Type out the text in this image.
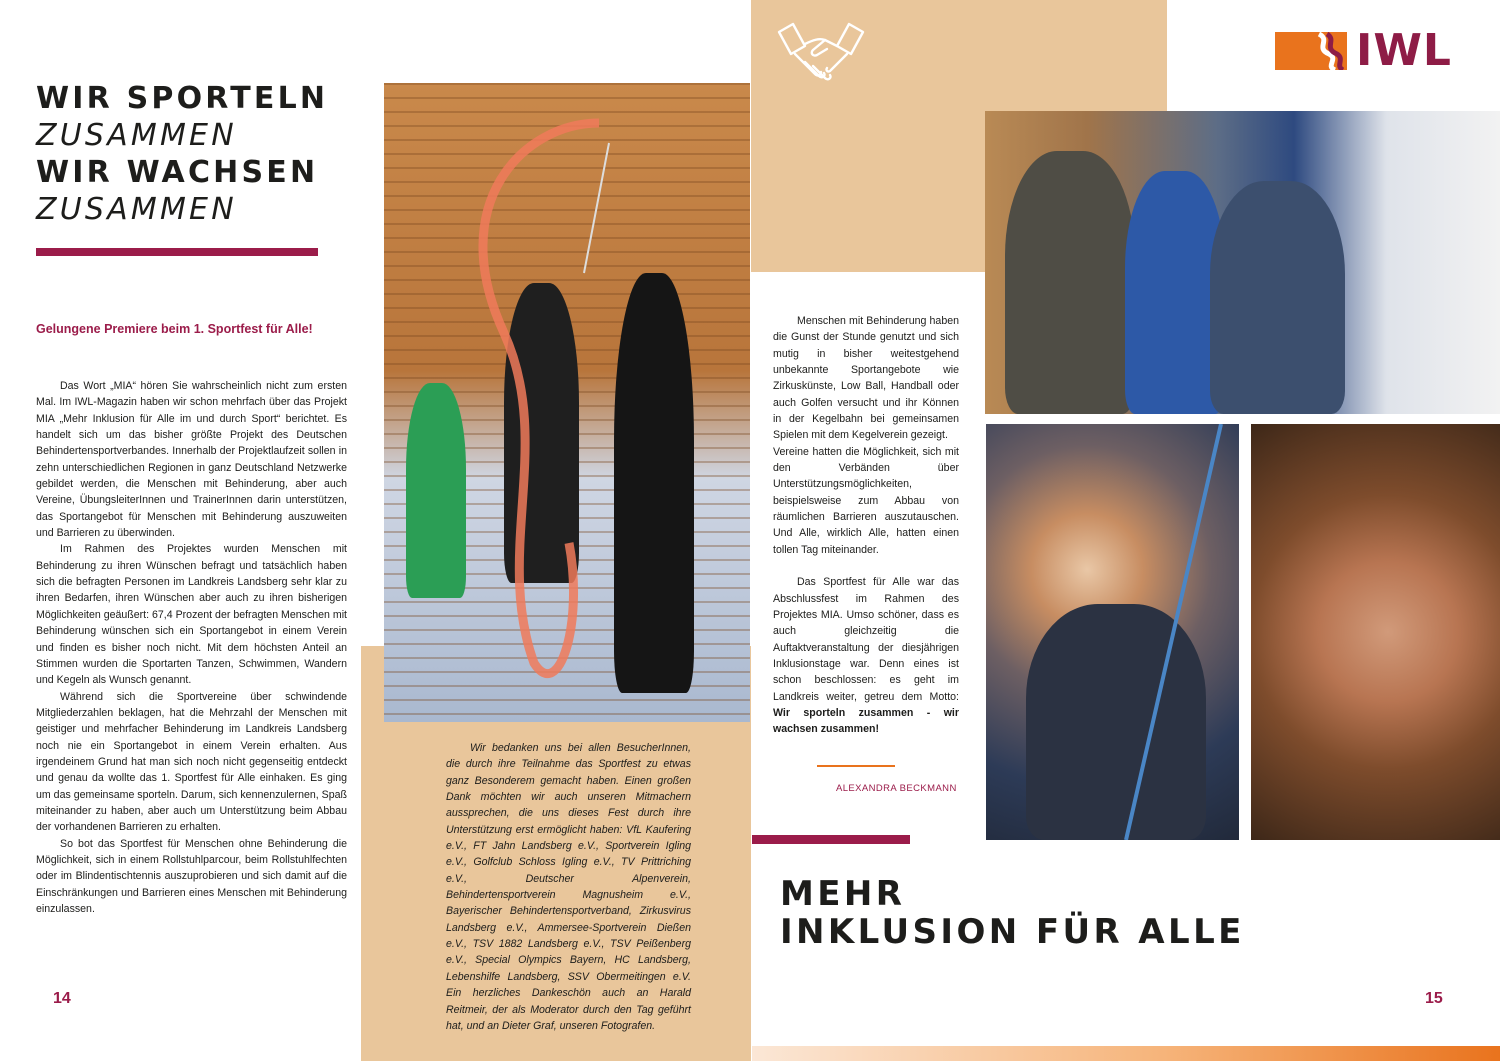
IWL
WIR SPORTELN
ZUSAMMEN
WIR WACHSEN
ZUSAMMEN
Gelungene Premiere beim 1. Sportfest für Alle!

Das Wort „MIA“ hören Sie wahrscheinlich nicht zum ersten Mal. Im IWL-Magazin haben wir schon mehrfach über das Projekt MIA „Mehr Inklusion für Alle im und durch Sport“ berichtet. Es handelt sich um das bisher größte Projekt des Deutschen Behindertensportverbandes. Innerhalb der Projektlaufzeit sollen in zehn unterschiedlichen Regionen in ganz Deutschland Netzwerke gebildet werden, die Menschen mit Behinderung, aber auch Vereine, ÜbungsleiterInnen und TrainerInnen darin unterstützen, das Sportangebot für Menschen mit Behinderung auszuweiten und Barrieren zu überwinden.

Im Rahmen des Projektes wurden Menschen mit Behinderung zu ihren Wünschen befragt und tatsächlich haben sich die befragten Personen im Landkreis Landsberg sehr klar zu ihren Bedarfen, ihren Wünschen aber auch zu ihren bisherigen Möglichkeiten geäußert: 67,4 Prozent der befragten Menschen mit Behinderung wünschen sich ein Sportangebot in einem Verein und finden es bisher noch nicht. Mit dem höchsten Anteil an Stimmen wurden die Sportarten Tanzen, Schwimmen, Wandern und Kegeln als Wunsch genannt.

Während sich die Sportvereine über schwindende Mitgliederzahlen beklagen, hat die Mehrzahl der Menschen mit geistiger und mehrfacher Behinderung im Landkreis Landsberg noch nie ein Sportangebot in einem Verein erhalten. Aus irgendeinem Grund hat man sich noch nicht gegenseitig entdeckt und genau da wollte das 1. Sportfest für Alle einhaken. Es ging um das gemeinsame sporteln. Darum, sich kennenzulernen, Spaß miteinander zu haben, aber auch um Unterstützung beim Abbau der vorhandenen Barrieren zu erhalten.

So bot das Sportfest für Menschen ohne Behinderung die Möglichkeit, sich in einem Rollstuhlparcour, beim Rollstuhlfechten oder im Blindentischtennis auszuprobieren und sich damit auf die Einschränkungen und Barrieren eines Menschen mit Behinderung einzulassen.

Wir bedanken uns bei allen BesucherInnen, die durch ihre Teilnahme das Sportfest zu etwas ganz Besonderem gemacht haben. Einen großen Dank möchten wir auch unseren Mitmachern aussprechen, die uns dieses Fest durch ihre Unterstützung erst ermöglicht haben: VfL Kaufering e.V., FT Jahn Landsberg e.V., Sportverein Igling e.V., Golfclub Schloss Igling e.V., TV Prittriching e.V., Deutscher Alpenverein, Behindertensportverein Magnusheim e.V., Bayerischer Behindertensportverband, Zirkusvirus Landsberg e.V., Ammersee-Sportverein Dießen e.V., TSV 1882 Landsberg e.V., TSV Peißenberg e.V., Special Olympics Bayern, HC Landsberg, Lebenshilfe Landsberg, SSV Obermeitingen e.V. Ein herzliches Dankeschön auch an Harald Reitmeir, der als Moderator durch den Tag geführt hat, und an Dieter Graf, unseren Fotografen.

Menschen mit Behinderung haben die Gunst der Stunde genutzt und sich mutig in bisher weitestgehend unbekannte Sportangebote wie Zirkuskünste, Low Ball, Handball oder auch Golfen versucht und ihr Können in der Kegelbahn bei gemeinsamen Spielen mit dem Kegelverein gezeigt.

Vereine hatten die Möglichkeit, sich mit den Verbänden über Unterstützungsmöglichkeiten, beispielsweise zum Abbau von räumlichen Barrieren auszutauschen. Und Alle, wirklich Alle, hatten einen tollen Tag miteinander.

Das Sportfest für Alle war das Abschlussfest im Rahmen des Projektes MIA. Umso schöner, dass es auch gleichzeitig die Auftaktveranstaltung der diesjährigen Inklusionstage war. Denn eines ist schon beschlossen: es geht im Landkreis weiter, getreu dem Motto: Wir sporteln zusammen - wir wachsen zusammen!

ALEXANDRA BECKMANN
MEHR
INKLUSION FÜR ALLE
14	15
